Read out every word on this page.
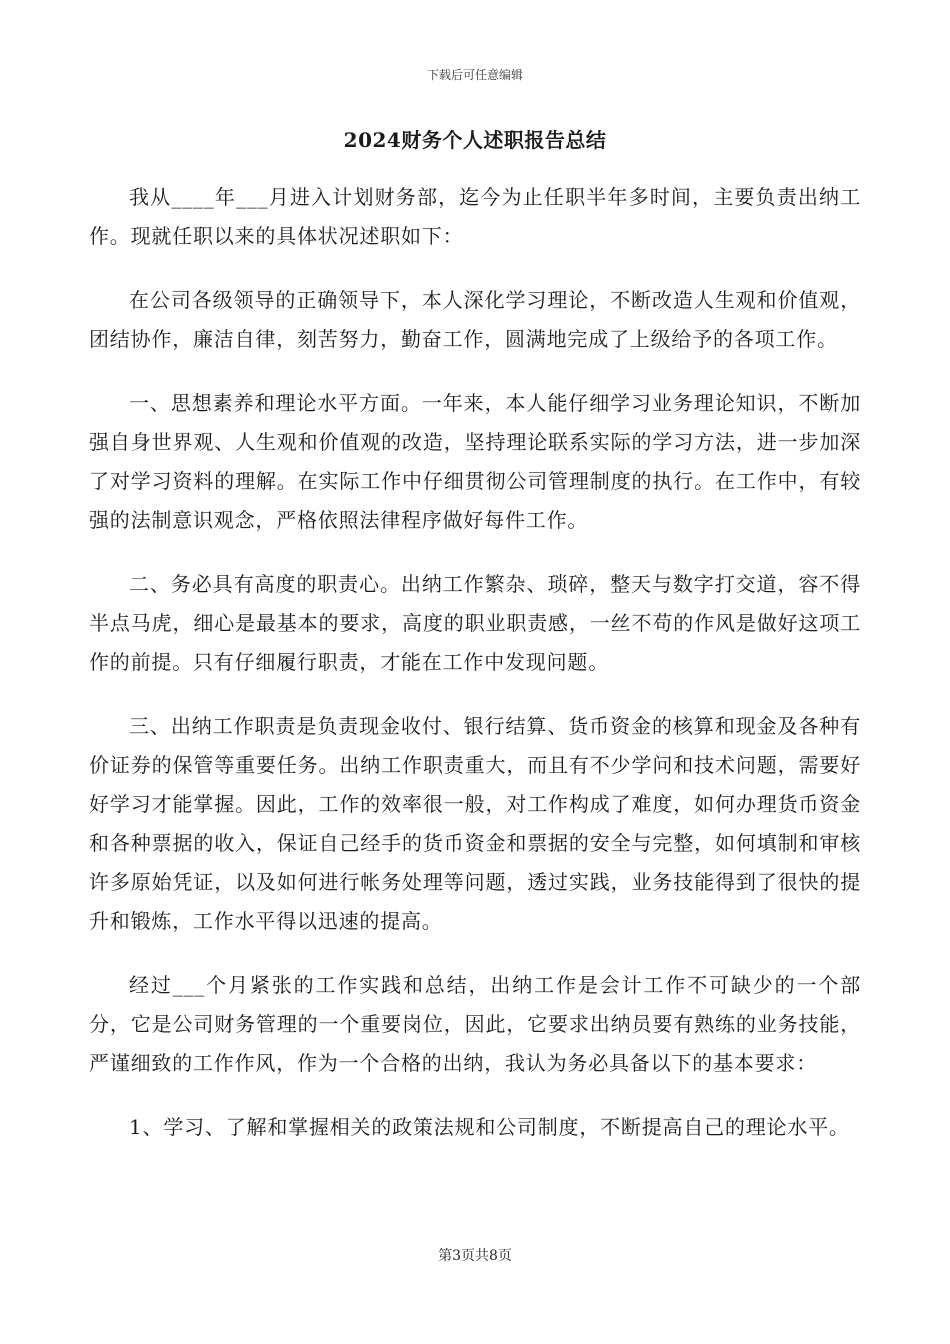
下载后可任意编辑
2024财务个人述职报告总结

我从____年___月进入计划财务部，迄今为止任职半年多时间，主要负责出纳工作。现就任职以来的具体状况述职如下：

在公司各级领导的正确领导下，本人深化学习理论，不断改造人生观和价值观，团结协作，廉洁自律，刻苦努力，勤奋工作，圆满地完成了上级给予的各项工作。

一、思想素养和理论水平方面。一年来，本人能仔细学习业务理论知识，不断加强自身世界观、人生观和价值观的改造，坚持理论联系实际的学习方法，进一步加深了对学习资料的理解。在实际工作中仔细贯彻公司管理制度的执行。在工作中，有较强的法制意识观念，严格依照法律程序做好每件工作。

二、务必具有高度的职责心。出纳工作繁杂、琐碎，整天与数字打交道，容不得半点马虎，细心是最基本的要求，高度的职业职责感，一丝不苟的作风是做好这项工作的前提。只有仔细履行职责，才能在工作中发现问题。

三、出纳工作职责是负责现金收付、银行结算、货币资金的核算和现金及各种有价证券的保管等重要任务。出纳工作职责重大，而且有不少学问和技术问题，需要好好学习才能掌握。因此，工作的效率很一般，对工作构成了难度，如何办理货币资金和各种票据的收入，保证自己经手的货币资金和票据的安全与完整，如何填制和审核许多原始凭证，以及如何进行帐务处理等问题，透过实践，业务技能得到了很快的提升和锻炼，工作水平得以迅速的提高。

经过___个月紧张的工作实践和总结，出纳工作是会计工作不可缺少的一个部分，它是公司财务管理的一个重要岗位，因此，它要求出纳员要有熟练的业务技能，严谨细致的工作作风，作为一个合格的出纳，我认为务必具备以下的基本要求：

1、学习、了解和掌握相关的政策法规和公司制度，不断提高自己的理论水平。

第3页共8页
